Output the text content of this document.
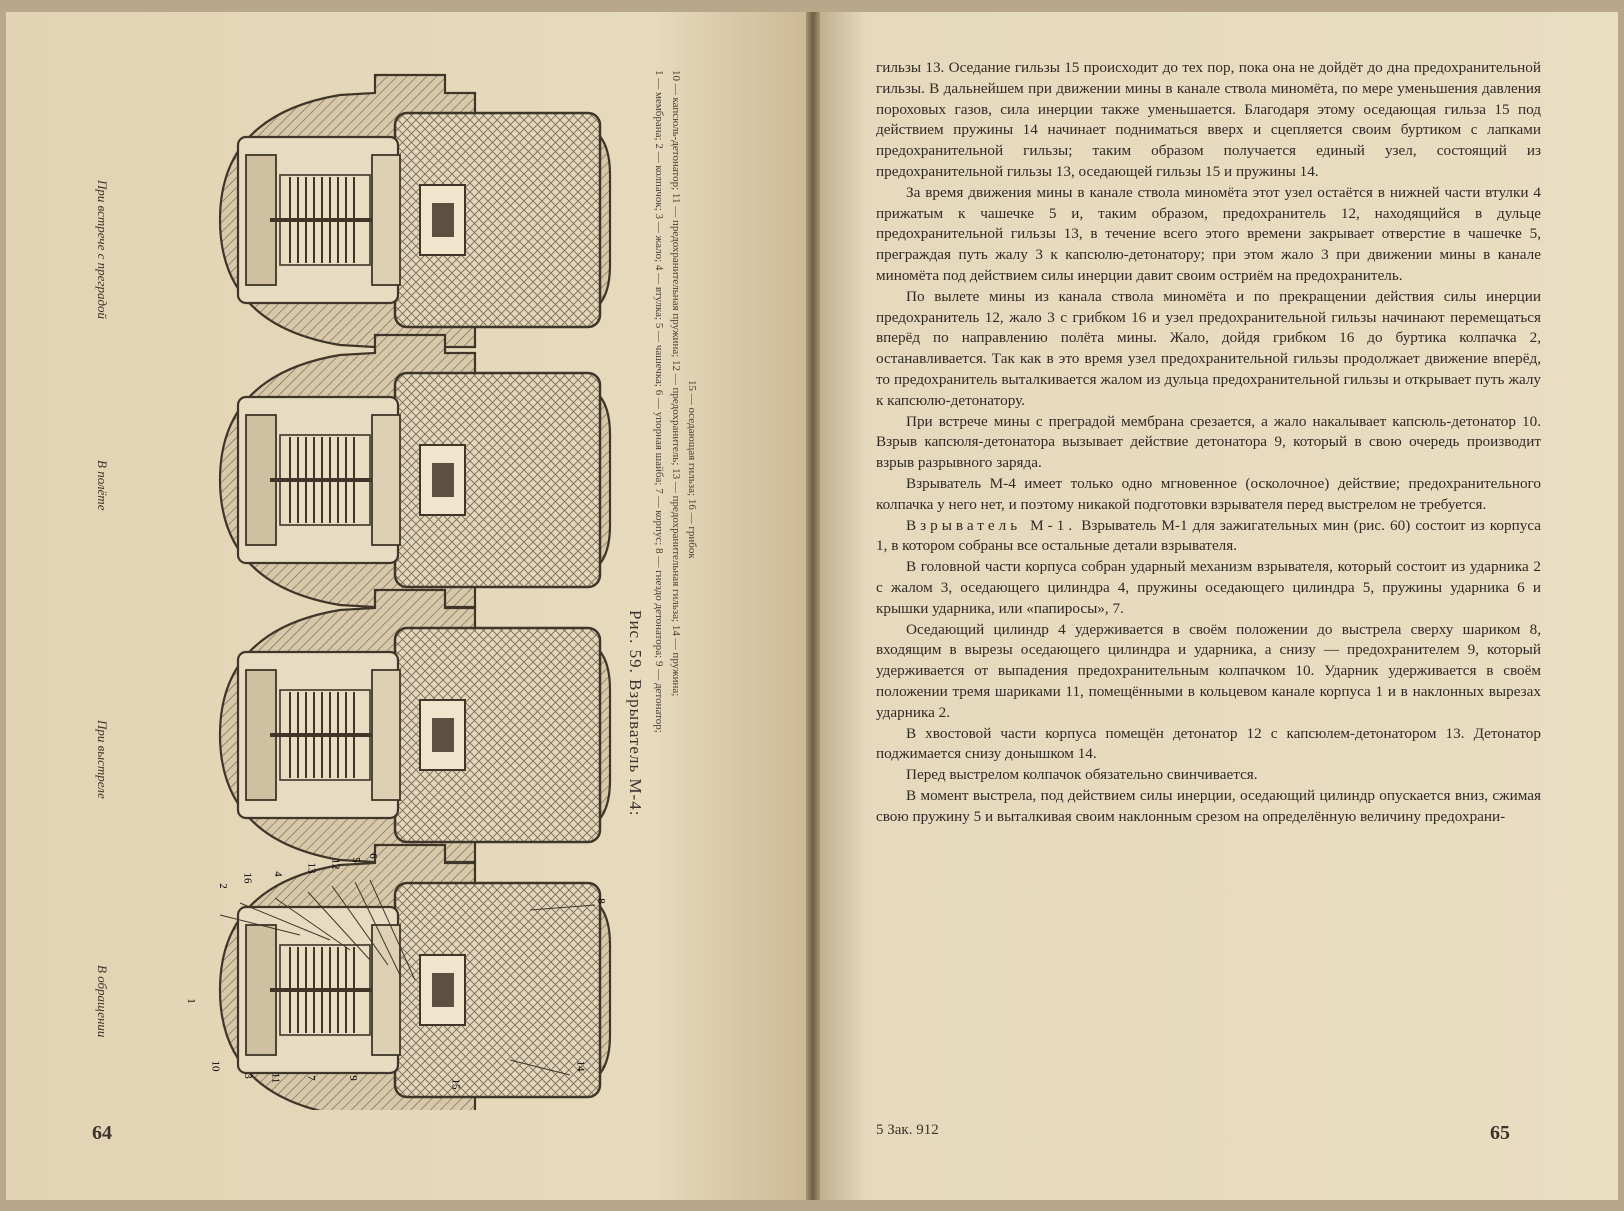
При встрече с преградой
В полёте
При выстреле
В обращении
2
16 4
13 12 5
6
8
1
10
3 11 7	9
15
14
Рис. 59. Взрыватель М-4: 1 — мембрана; 2 — колпачок; 3 — жало; 4 — втулка; 5 — чашечка; 6 — упорная шайба; 7 — корпус; 8 — гнездо детонатора; 9 — детонатор; 10 — капсюль-детонатор; 11 — предохранительная пружина; 12 — предохранитель; 13 — предохранительная гильза; 14 — пружина; 15 — оседающая гильза; 16 — грибок
64

гильзы 13. Оседание гильзы 15 происходит до тех пор, пока она не дойдёт до дна предохранительной гильзы. В дальнейшем при движении мины в канале ствола миномёта, по мере уменьшения давления пороховых газов, сила инерции также уменьшается. Благодаря этому оседающая гильза 15 под действием пружины 14 начинает подниматься вверх и сцепляется своим буртиком с лапками предохранительной гильзы; таким образом получается единый узел, состоящий из предохранительной гильзы 13, оседающей гильзы 15 и пружины 14.

За время движения мины в канале ствола миномёта этот узел остаётся в нижней части втулки 4 прижатым к чашечке 5 и, таким образом, предохранитель 12, находящийся в дульце предохранительной гильзы 13, в течение всего этого времени закрывает отверстие в чашечке 5, преграждая путь жалу 3 к капсюлю-детонатору; при этом жало 3 при движении мины в канале миномёта под действием силы инерции давит своим остриём на предохранитель.

По вылете мины из канала ствола миномёта и по прекращении действия силы инерции предохранитель 12, жало 3 с грибком 16 и узел предохранительной гильзы начинают перемещаться вперёд по направлению полёта мины. Жало, дойдя грибком 16 до буртика колпачка 2, останавливается. Так как в это время узел предохранительной гильзы продолжает движение вперёд, то предохранитель выталкивается жалом из дульца предохранительной гильзы и открывает путь жалу к капсюлю-детонатору.

При встрече мины с преградой мембрана срезается, а жало накалывает капсюль-детонатор 10. Взрыв капсюля-детонатора вызывает действие детонатора 9, который в свою очередь производит взрыв разрывного заряда.

Взрыватель М-4 имеет только одно мгновенное (осколочное) действие; предохранительного колпачка у него нет, и поэтому никакой подготовки взрывателя перед выстрелом не требуется.

Взрыватель М-1. Взрыватель М-1 для зажигательных мин (рис. 60) состоит из корпуса 1, в котором собраны все остальные детали взрывателя.

В головной части корпуса собран ударный механизм взрывателя, который состоит из ударника 2 с жалом 3, оседающего цилиндра 4, пружины оседающего цилиндра 5, пружины ударника 6 и крышки ударника, или «папиросы», 7.

Оседающий цилиндр 4 удерживается в своём положении до выстрела сверху шариком 8, входящим в вырезы оседающего цилиндра и ударника, а снизу — предохранителем 9, который удерживается от выпадения предохранительным колпачком 10. Ударник удерживается в своём положении тремя шариками 11, помещёнными в кольцевом канале корпуса 1 и в наклонных вырезах ударника 2.

В хвостовой части корпуса помещён детонатор 12 с капсюлем-детонатором 13. Детонатор поджимается снизу донышком 14.

Перед выстрелом колпачок обязательно свинчивается.

В момент выстрела, под действием силы инерции, оседающий цилиндр опускается вниз, сжимая свою пружину 5 и выталкивая своим наклонным срезом на определённую величину предохрани-

5 Зак. 912	65
